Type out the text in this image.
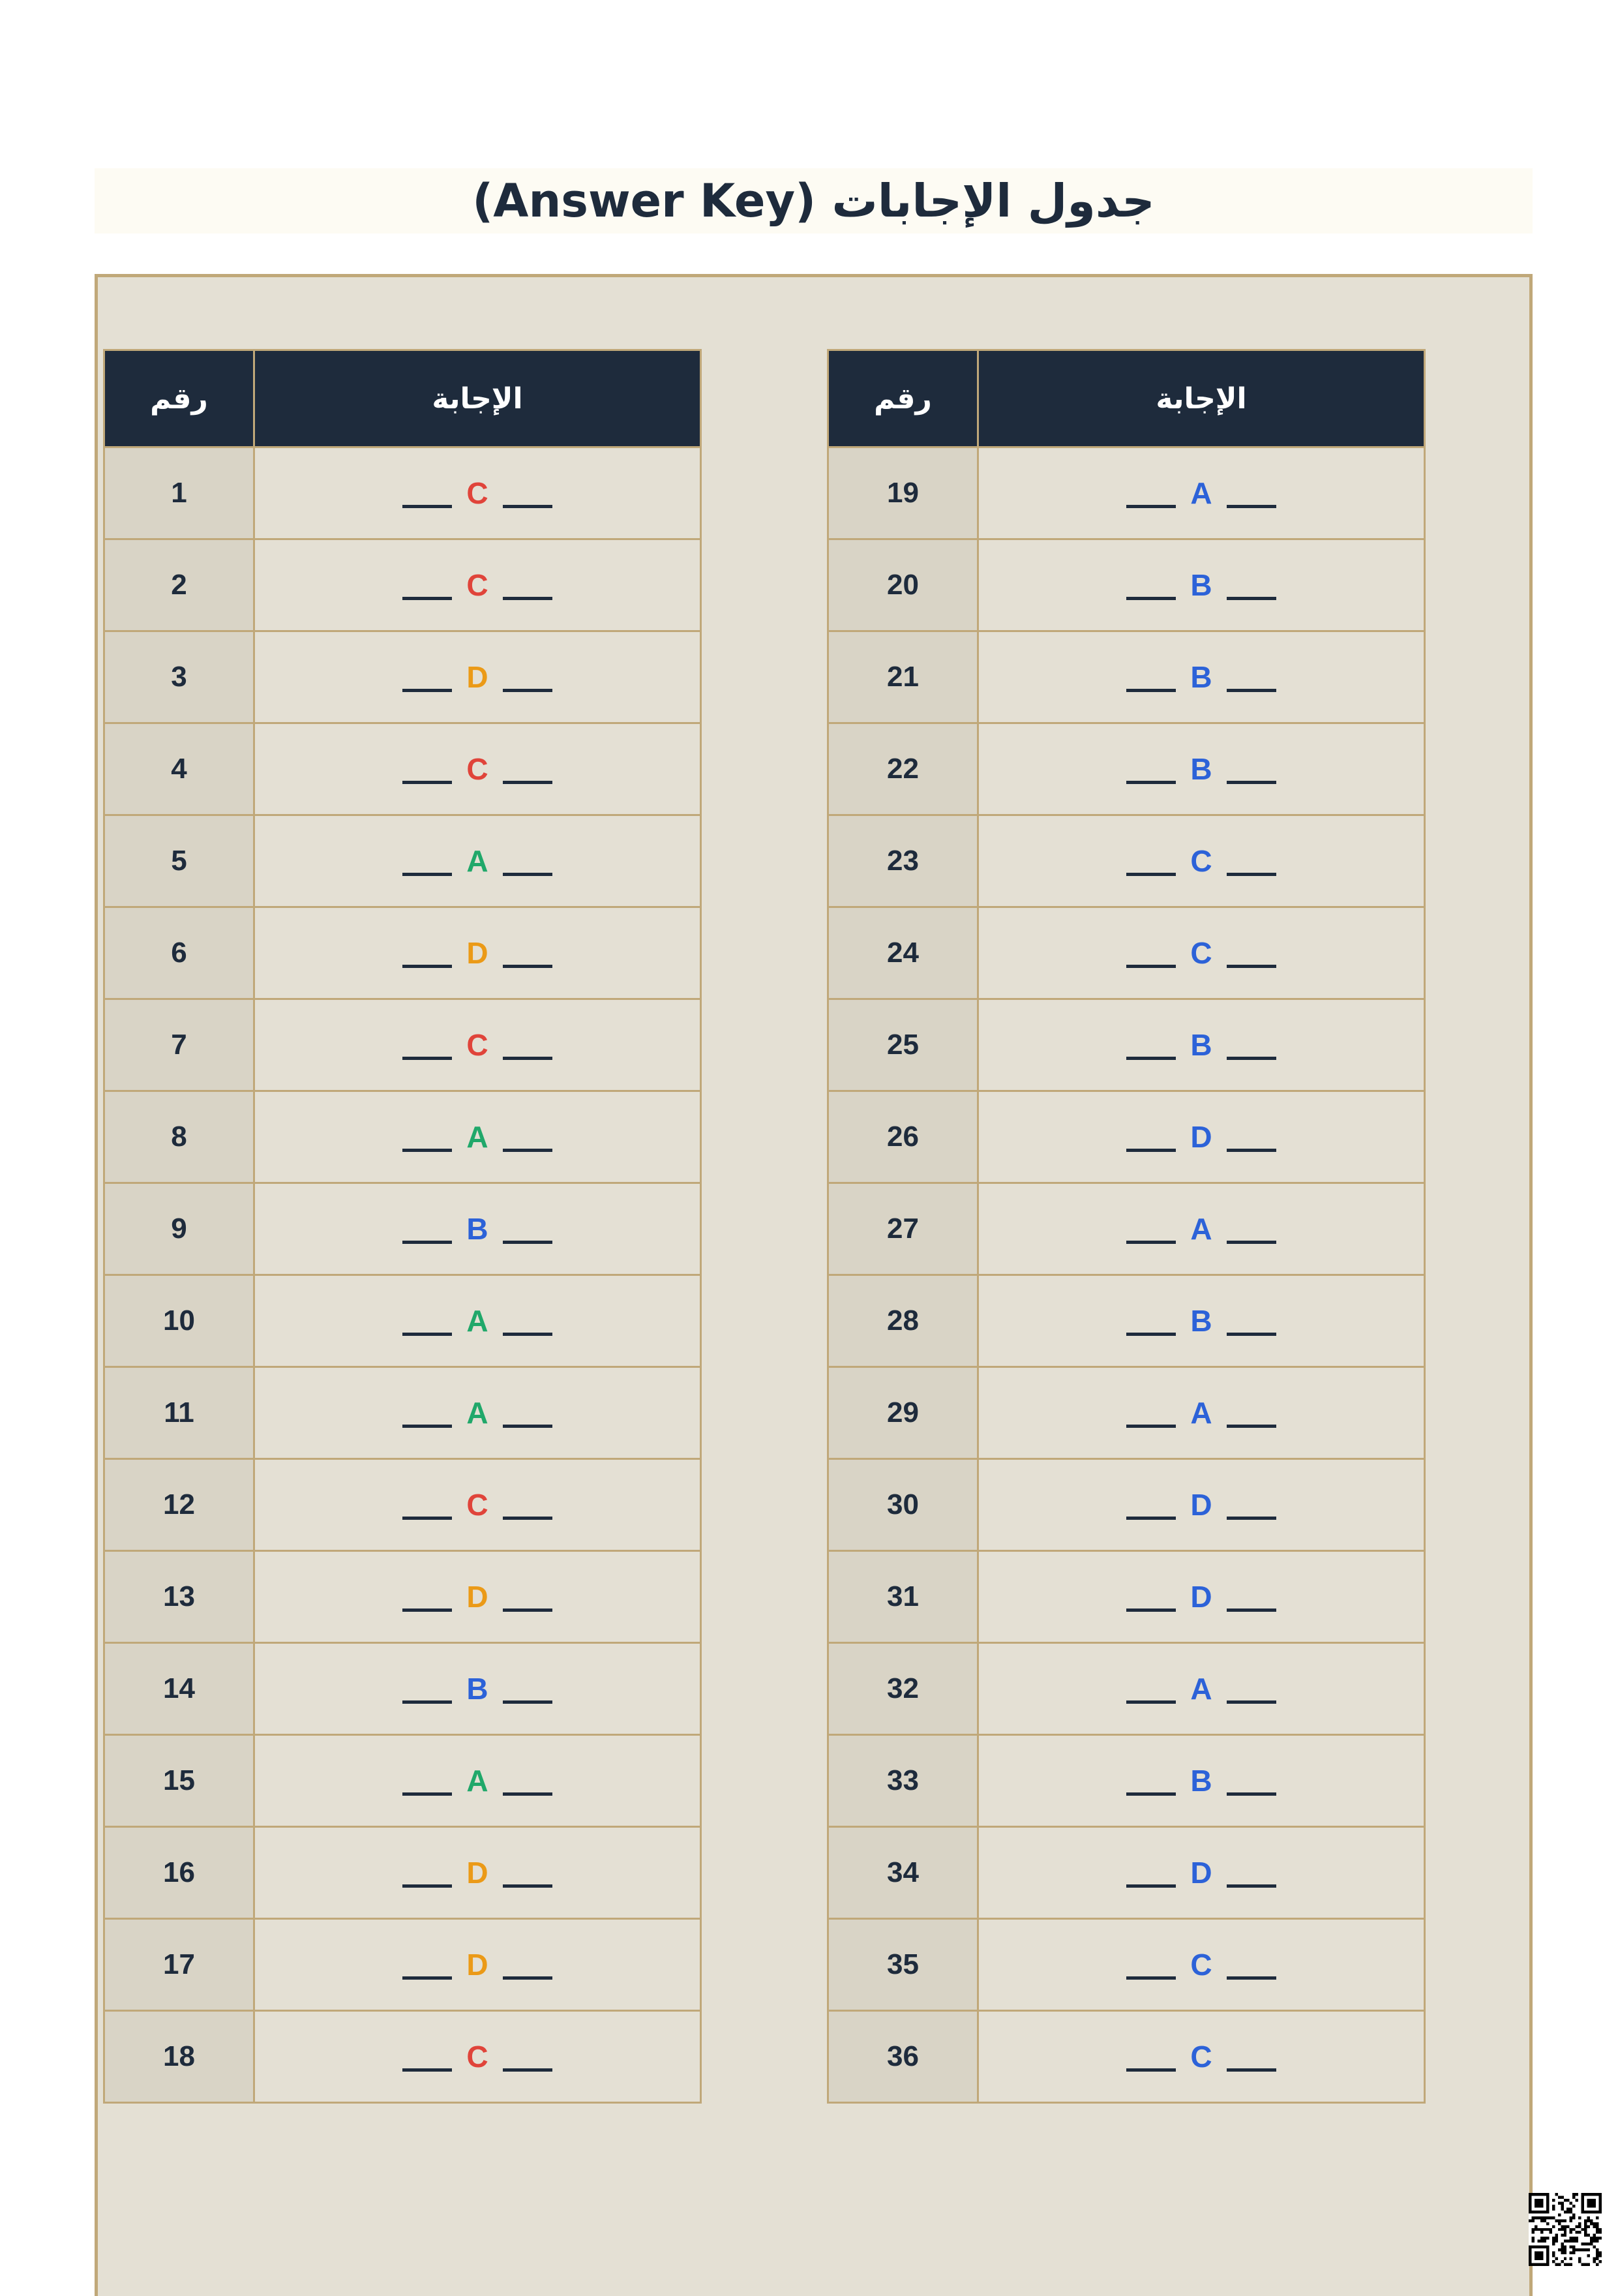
جدول الإجابات (Answer Key)
رقم	الإجابة
1	C

2	C

3	D

4	C

5	A

6	D

7	C

8	A

9	B

10	A

11	A

12	C

13	D

14	B

15	A

16	D

17	D

18	C
رقم	الإجابة
19	A

20	B

21	B

22	B

23	C

24	C

25	B

26	D

27	A

28	B

29	A

30	D

31	D

32	A

33	B

34	D

35	C

36	C
